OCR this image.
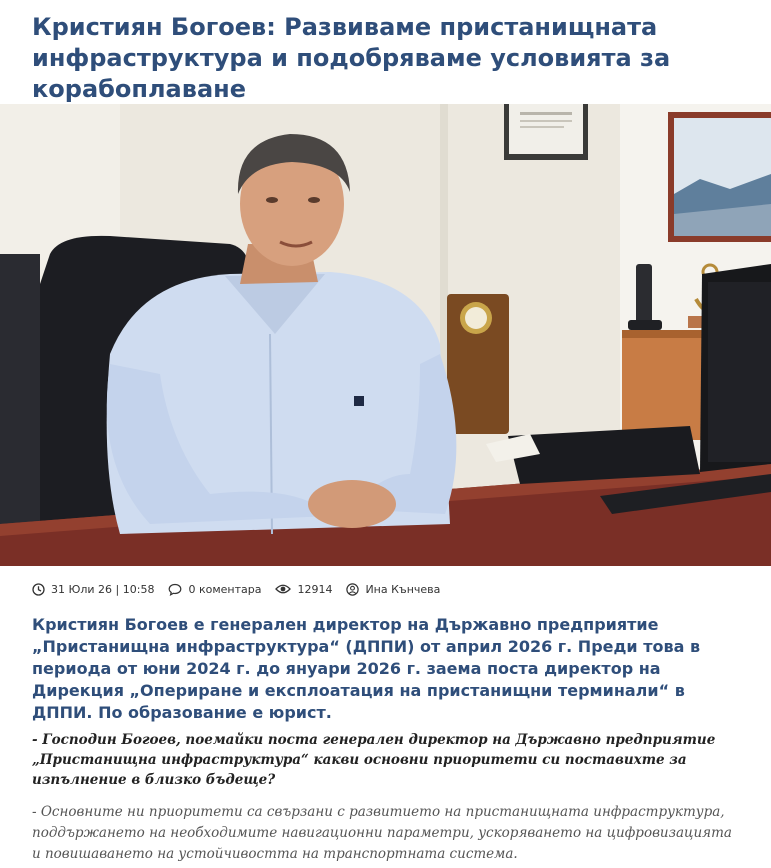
Кристиян Богоев: Развиваме пристанищната инфраструктура и подобряваме условията за корабоплаване
31 Юли 26 | 10:58	0 коментара	12914	Ина Кънчева

Кристиян Богоев е генерален директор на Държавно предприятие „Пристанищна инфраструктура“ (ДППИ) от април 2026 г. Преди това в периода от юни 2024 г. до януари 2026 г. заема поста директор на Дирекция „Опериране и експлоатация на пристанищни терминали“ в ДППИ. По образование е юрист.

- Господин Богоев, поемайки поста генерален директор на Държавно предприятие „Пристанищна инфраструктура“ какви основни приоритети си поставихте за изпълнение в близко бъдеще?

- Основните ни приоритети са свързани с развитието на пристанищната инфраструктура, поддържането на необходимите навигационни параметри, ускоряването на цифровизацията и повишаването на устойчивостта на транспортната система.
